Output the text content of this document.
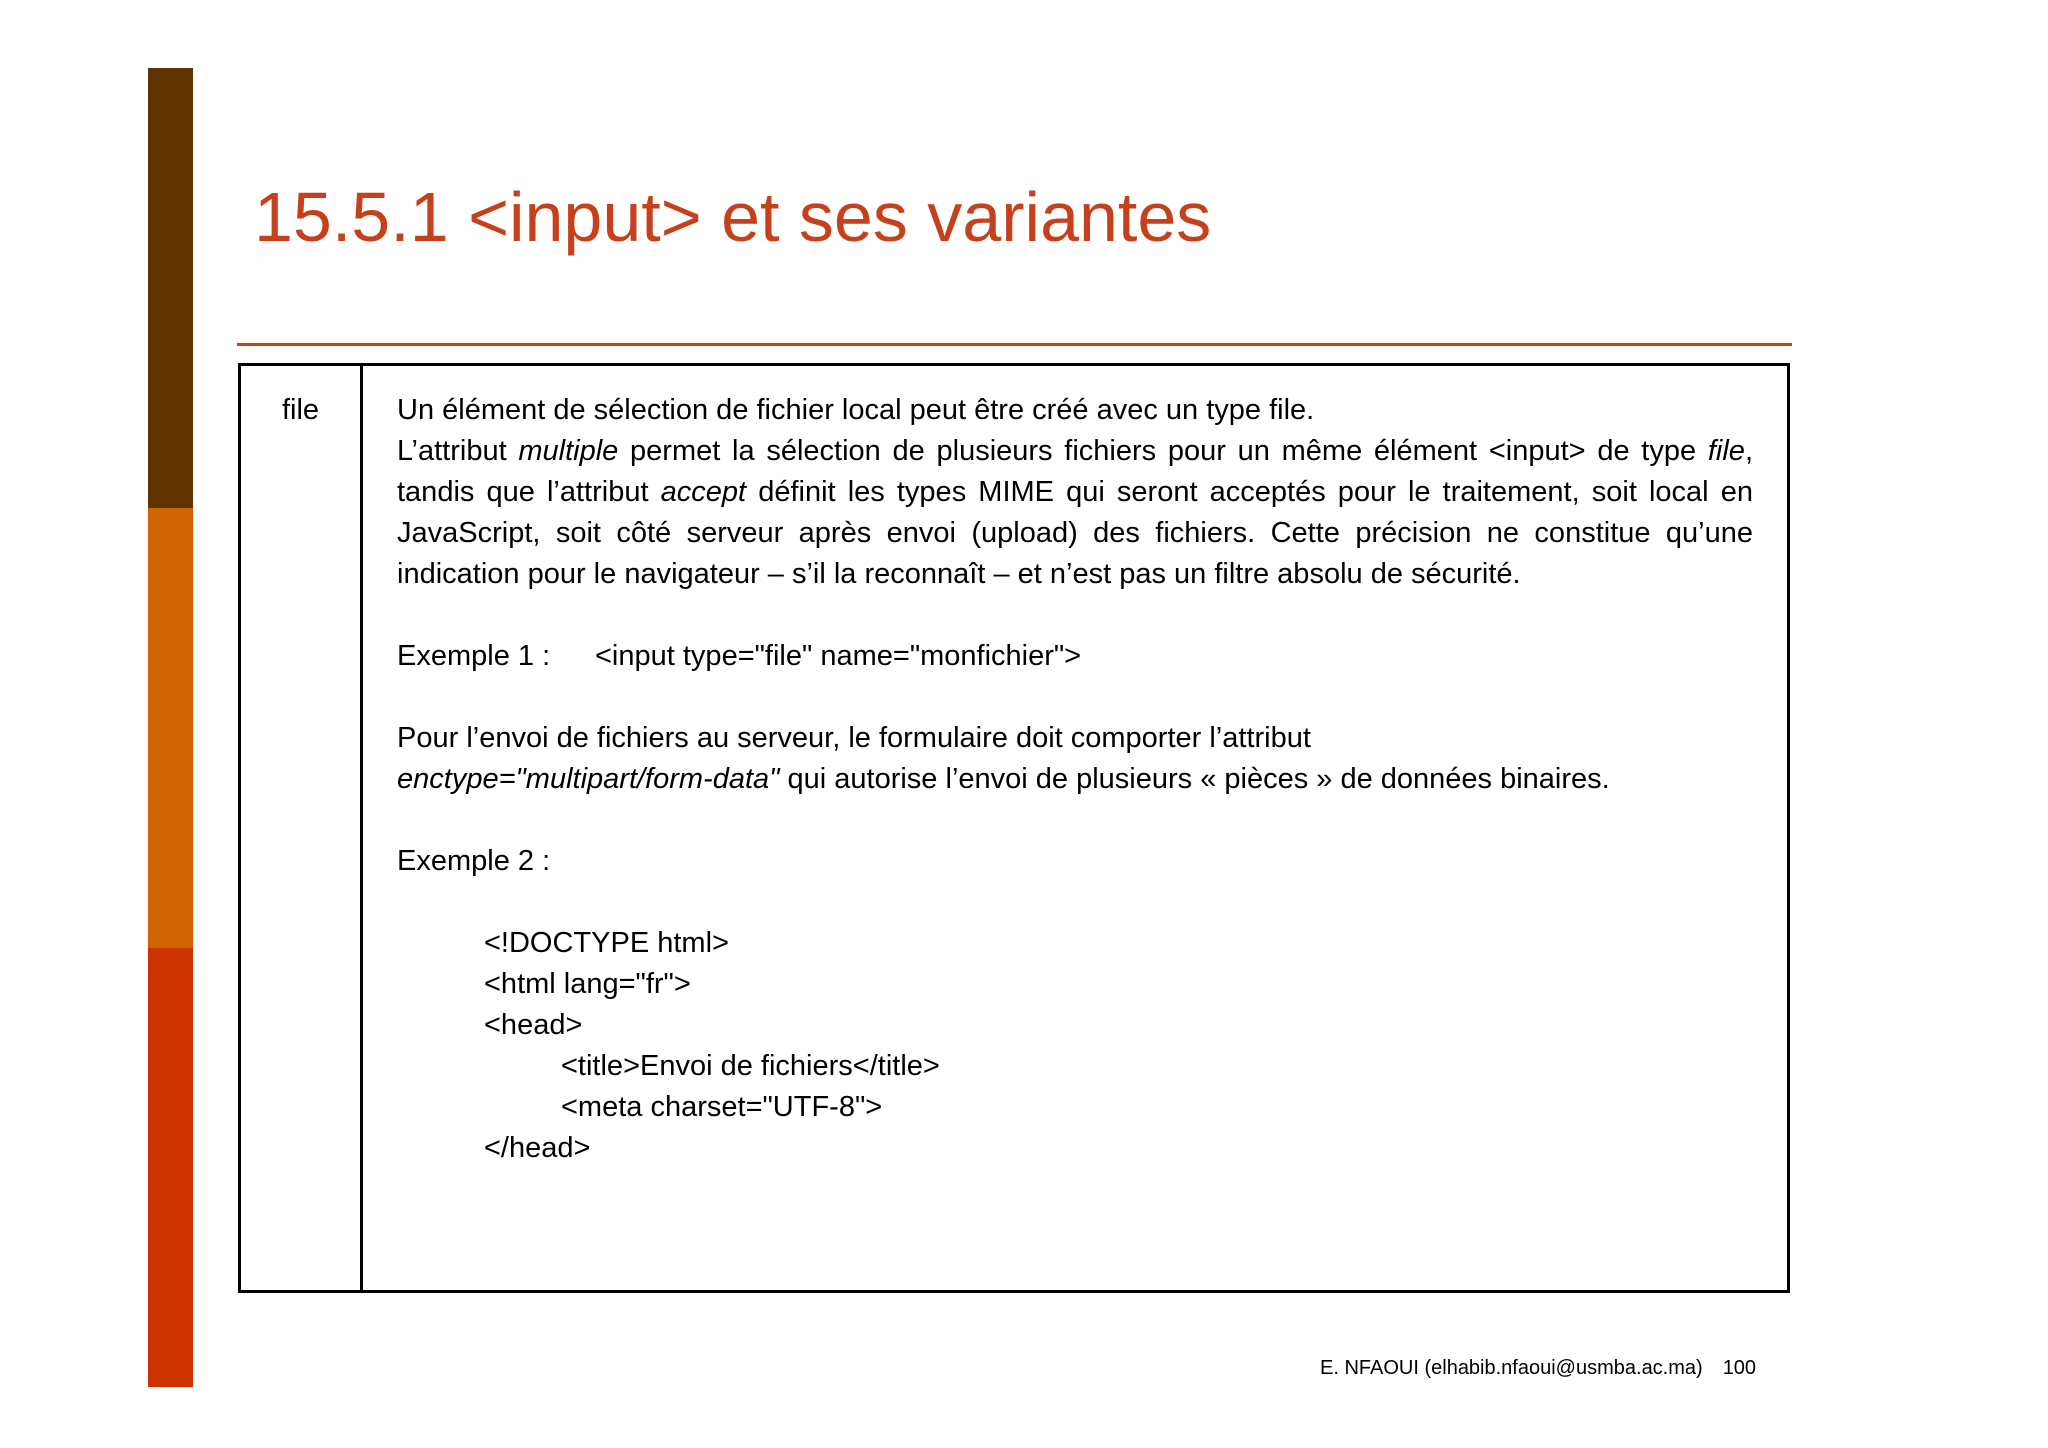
15.5.1 <input> et ses variantes
file	Un élément de sélection de fichier local peut être créé avec un type file.

L’attribut multiple permet la sélection de plusieurs fichiers pour un même élément <input> de type file, tandis que l’attribut accept définit les types MIME qui seront acceptés pour le traitement, soit local en JavaScript, soit côté serveur après envoi (upload) des fichiers. Cette précision ne constitue qu’une indication pour le navigateur – s’il la reconnaît – et n’est pas un filtre absolu de sécurité.

Exemple 1 : <input type="file" name="monfichier">

Pour l’envoi de fichiers au serveur, le formulaire doit comporter l’attribut

enctype="multipart/form-data" qui autorise l’envoi de plusieurs « pièces » de données binaires.

Exemple 2 :

<!DOCTYPE html>
<html lang="fr">
<head>
<title>Envoi de fichiers</title>
<meta charset="UTF-8">
</head>
E. NFAOUI (elhabib.nfaoui@usmba.ac.ma) 100
